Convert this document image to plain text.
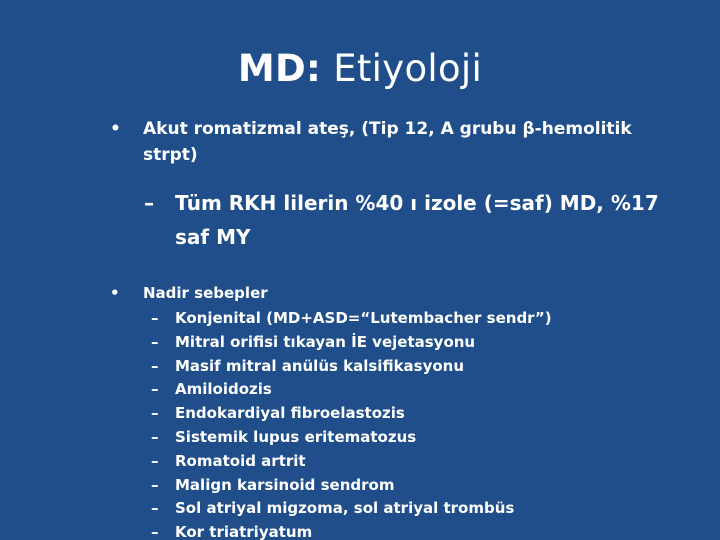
MD: Etiyoloji
• Akut romatizmal ateş, (Tip 12, A grubu β-hemolitik strpt)
– Tüm RKH lilerin %40 ı izole (=saf) MD, %17 saf MY
• Nadir sebepler
– Konjenital (MD+ASD=“Lutembacher sendr”)
– Mitral orifisi tıkayan İE vejetasyonu
– Masif mitral anülüs kalsifikasyonu
– Amiloidozis
– Endokardiyal fibroelastozis
– Sistemik lupus eritematozus
– Romatoid artrit
– Malign karsinoid sendrom
– Sol atriyal migzoma, sol atriyal trombüs
– Kor triatriyatum
